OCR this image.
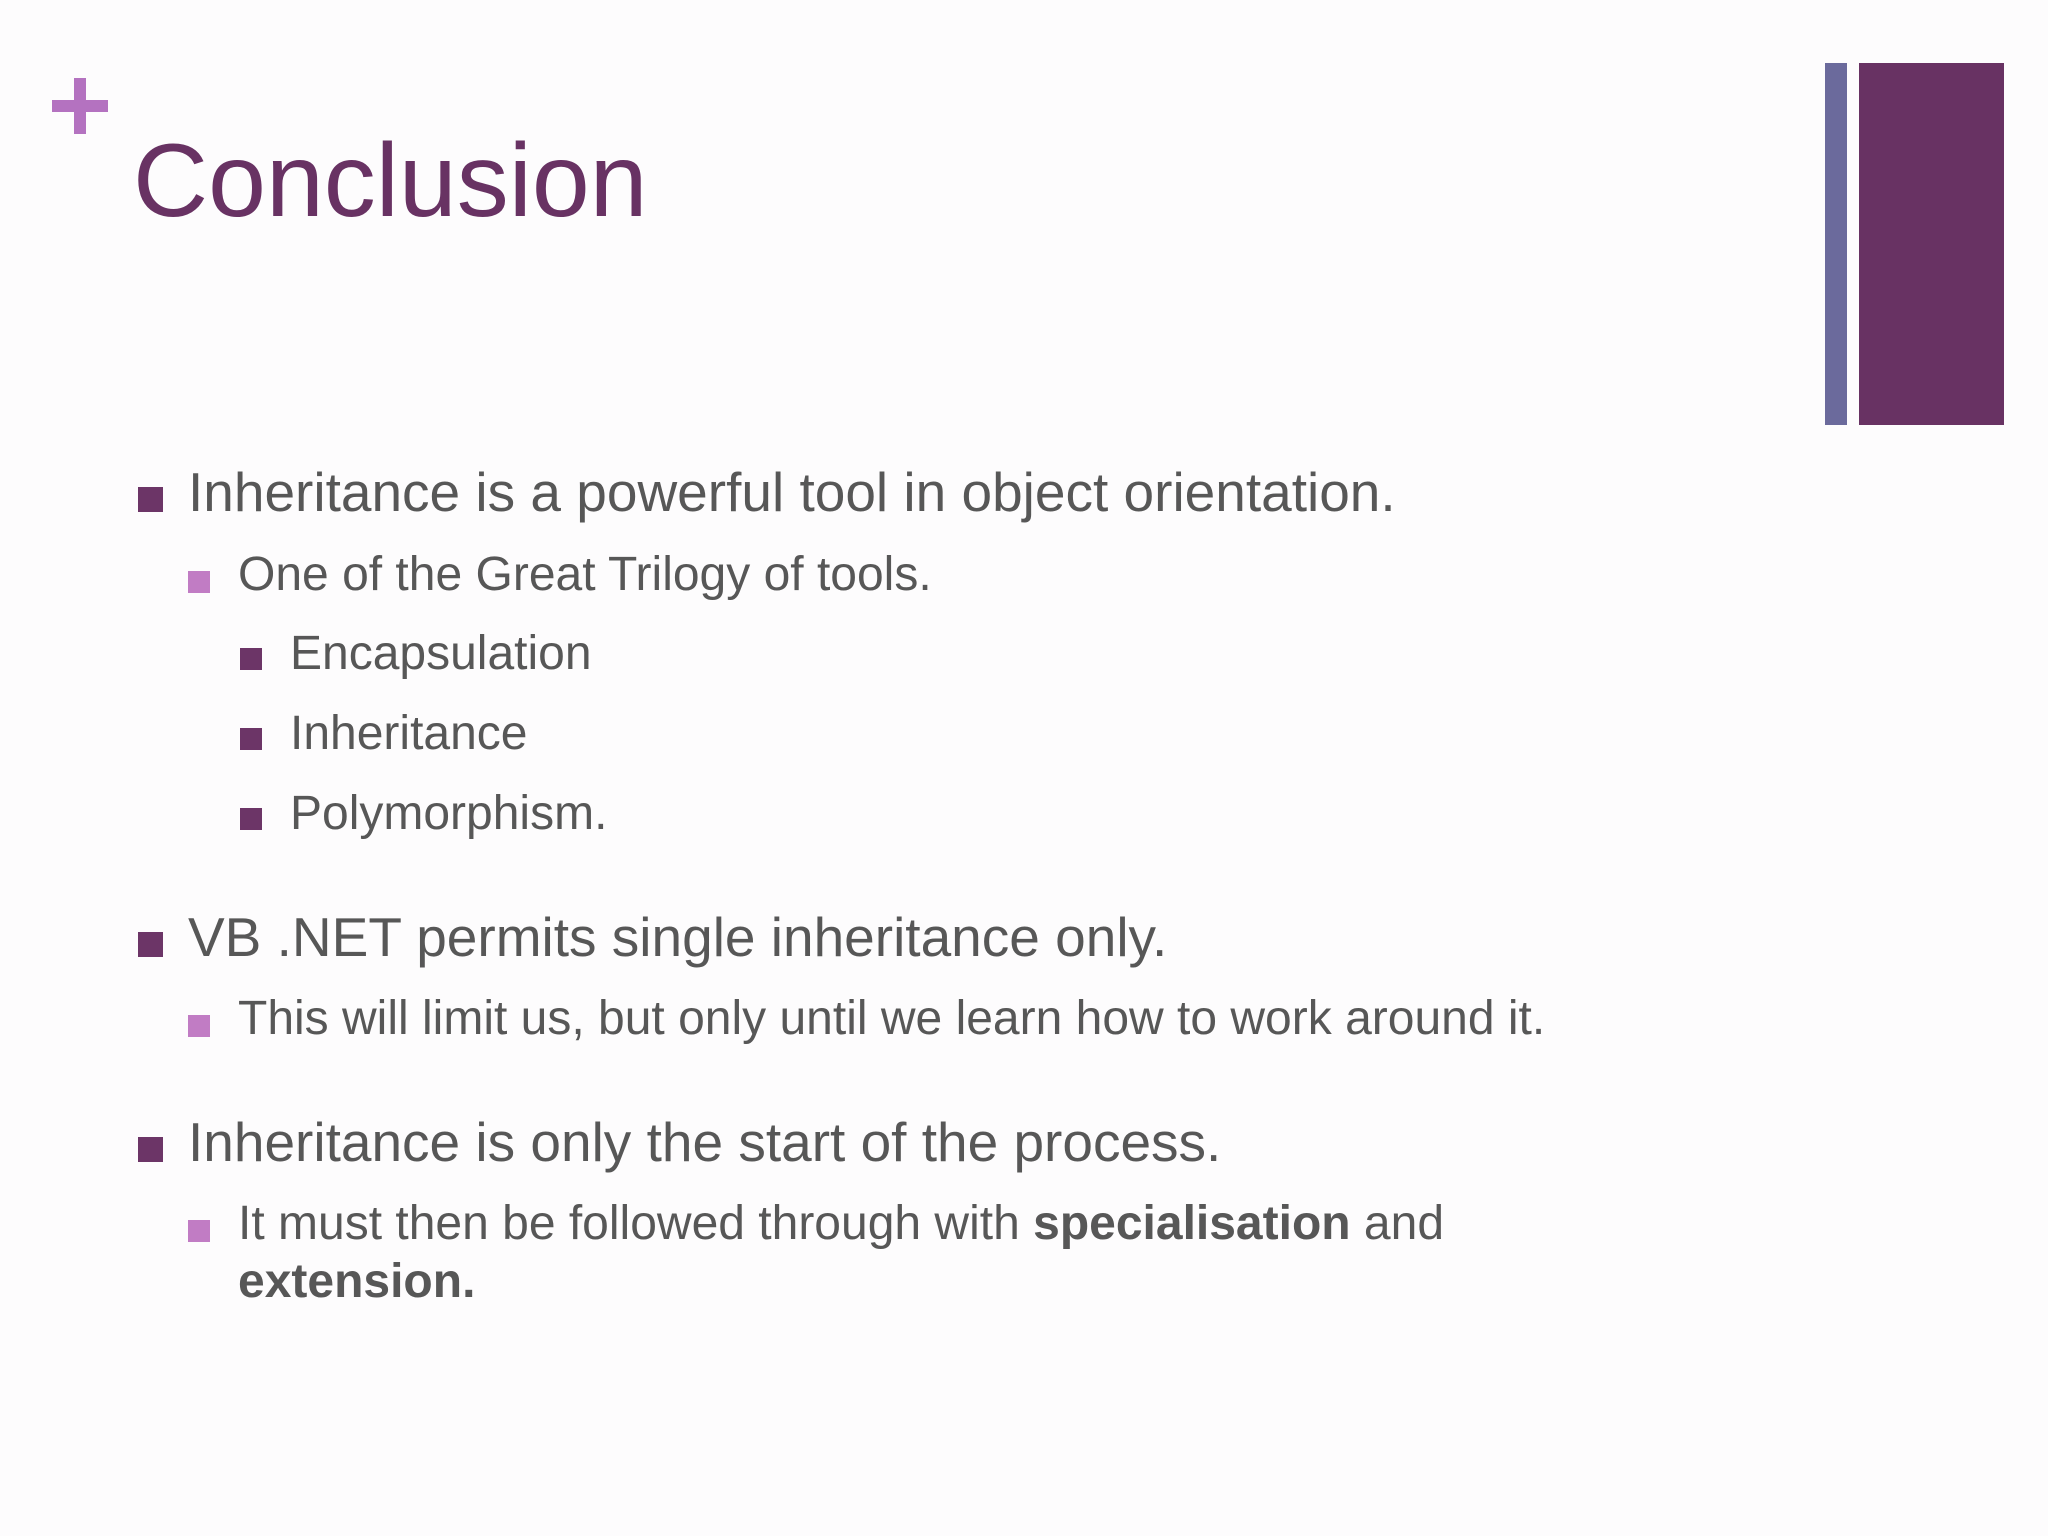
Conclusion
Inheritance is a powerful tool in object orientation.
One of the Great Trilogy of tools.
Encapsulation
Inheritance
Polymorphism.
VB .NET permits single inheritance only.
This will limit us, but only until we learn how to work around it.
Inheritance is only the start of the process.
It must then be followed through with specialisation and
extension.
